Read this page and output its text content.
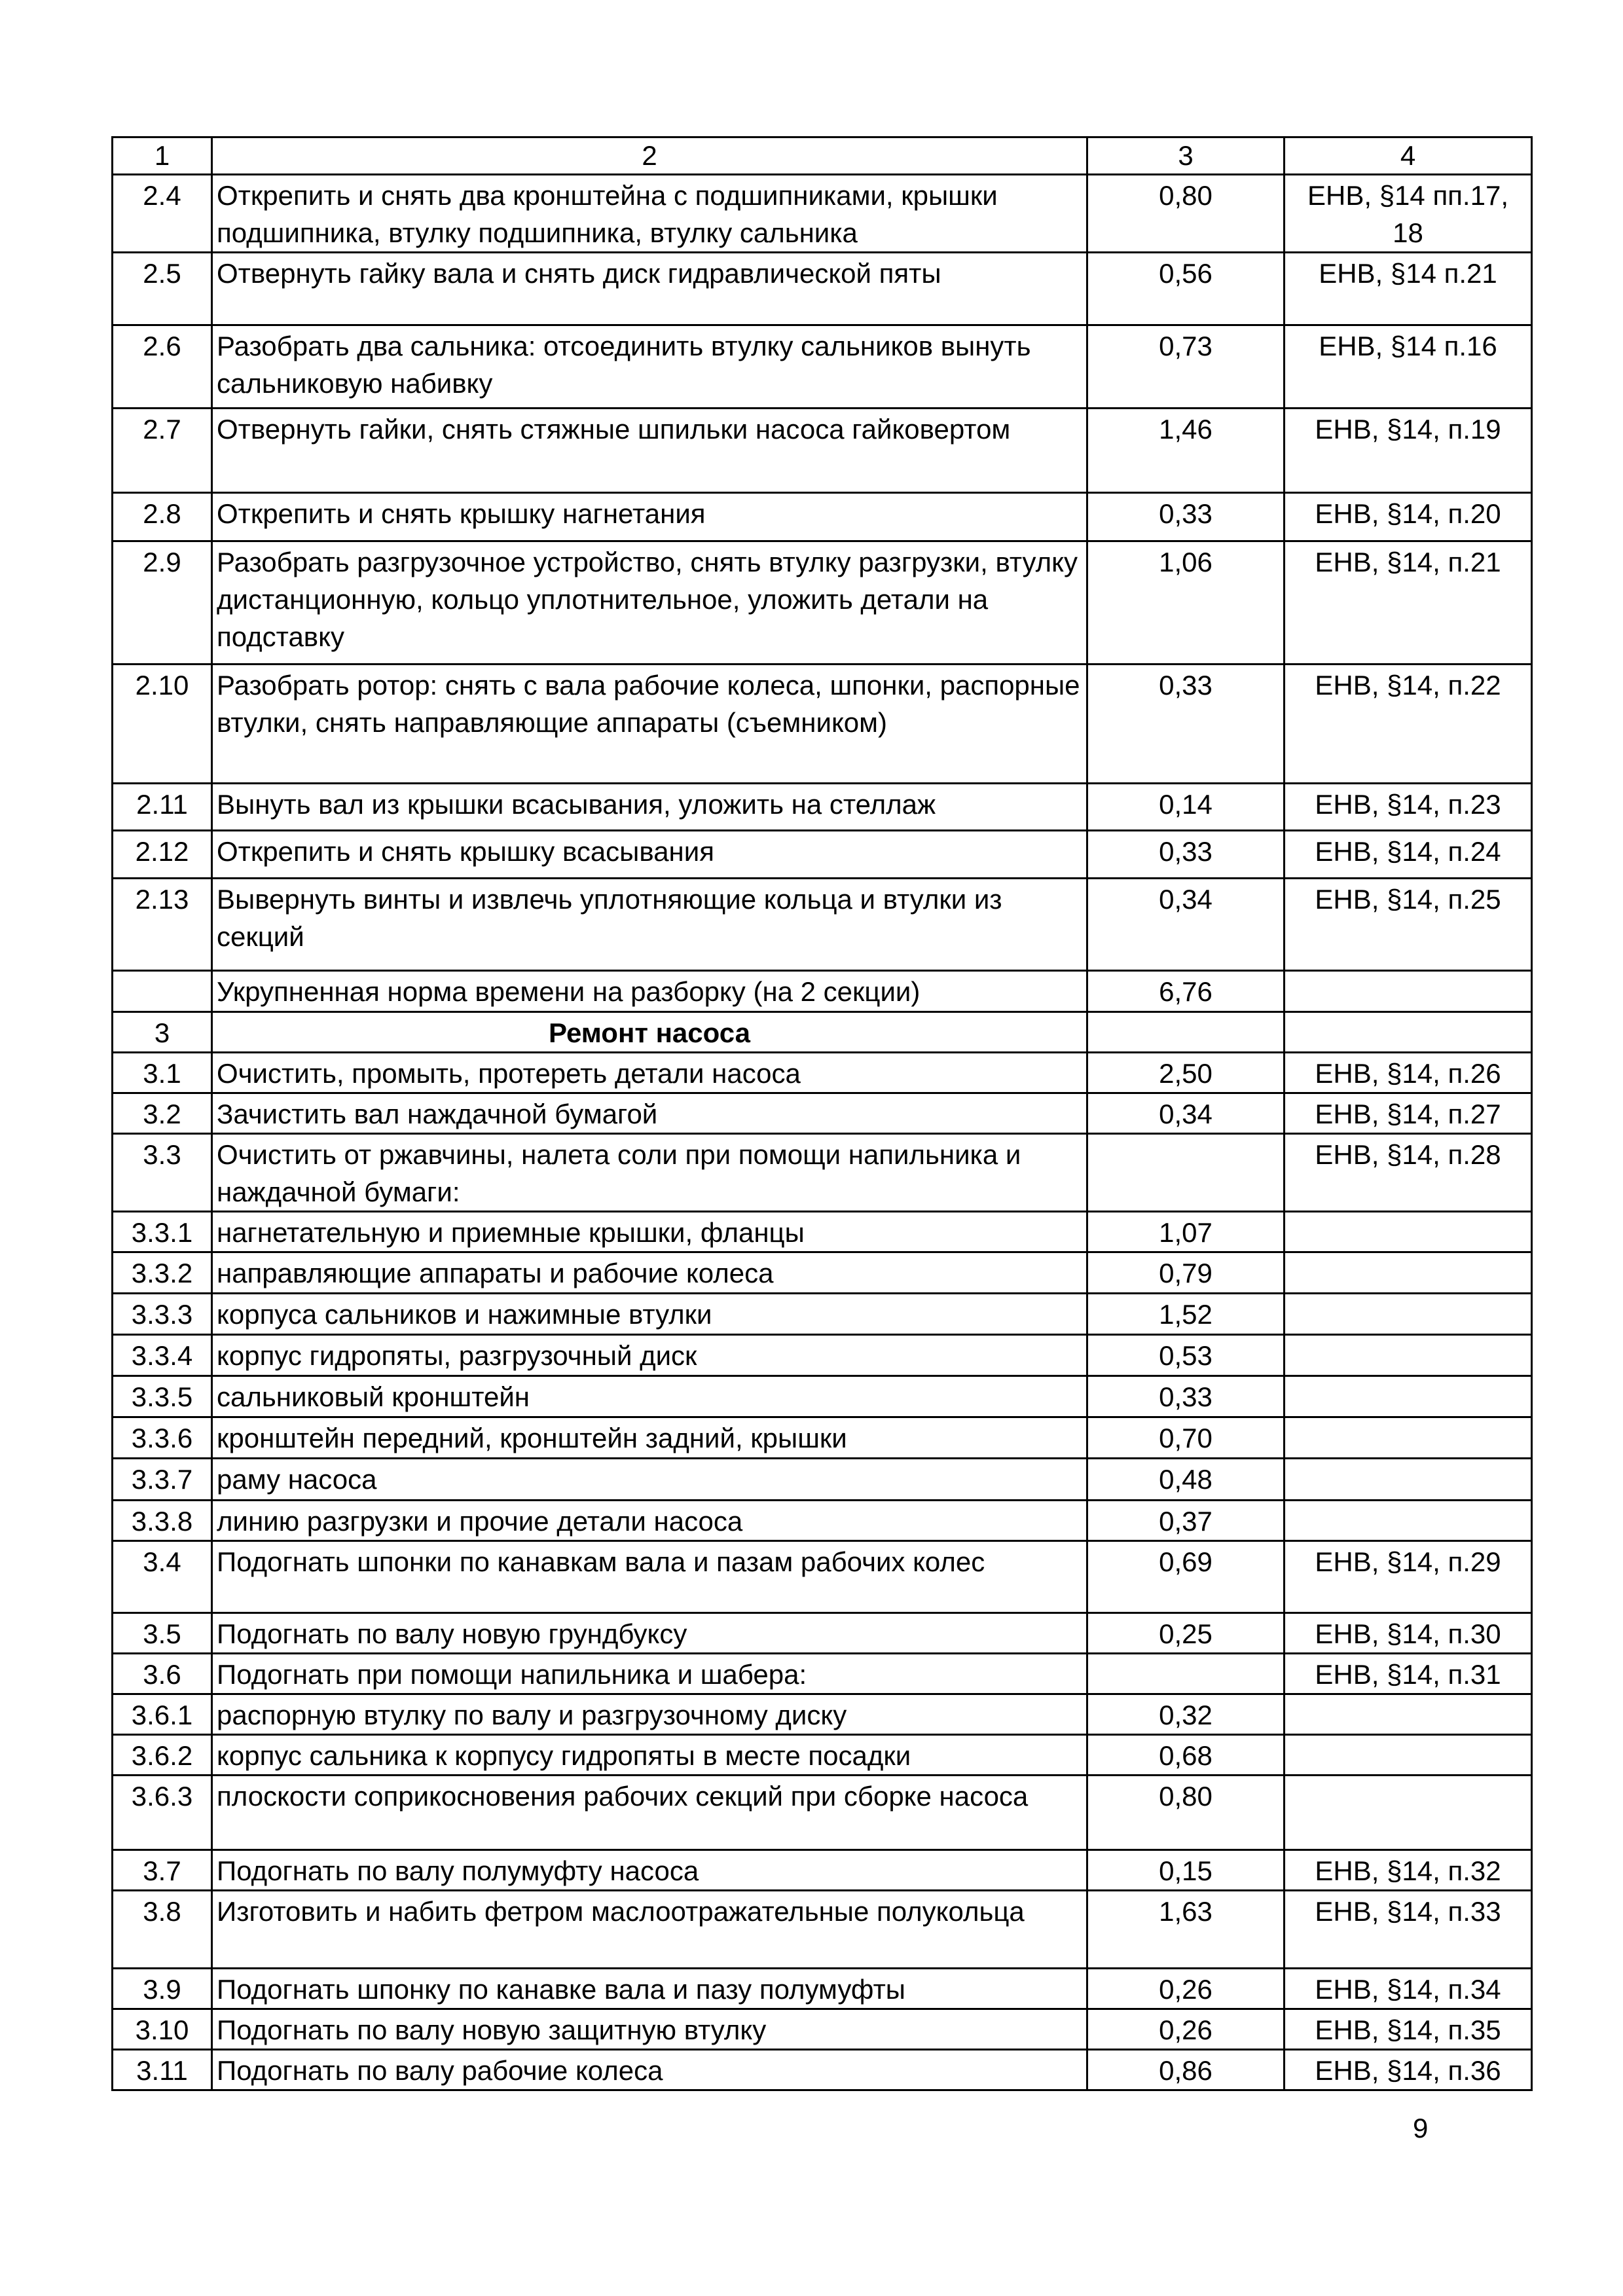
1	2	3	4
2.4	Открепить и снять два кронштейна с подшипниками, крышки подшипника, втулку подшипника, втулку сальника	0,80	ЕНВ, §14 пп.17, 18
2.5	Отвернуть гайку вала и снять диск гидравлической пяты	0,56	ЕНВ, §14 п.21
2.6	Разобрать два сальника: отсоединить втулку сальников вынуть сальниковую набивку	0,73	ЕНВ, §14 п.16
2.7	Отвернуть гайки, снять стяжные шпильки насоса гайковертом	1,46	ЕНВ, §14, п.19
2.8	Открепить и снять крышку нагнетания	0,33	ЕНВ, §14, п.20
2.9	Разобрать разгрузочное устройство, снять втулку разгрузки, втулку дистанционную, кольцо уплотнительное, уложить детали на подставку	1,06	ЕНВ, §14, п.21
2.10	Разобрать ротор: снять с вала рабочие колеса, шпонки, распорные втулки, снять направляющие аппараты (съемником)	0,33	ЕНВ, §14, п.22
2.11	Вынуть вал из крышки всасывания, уложить на стеллаж	0,14	ЕНВ, §14, п.23
2.12	Открепить и снять крышку всасывания	0,33	ЕНВ, §14, п.24
2.13	Вывернуть винты и извлечь уплотняющие кольца и втулки из секций	0,34	ЕНВ, §14, п.25
	Укрупненная норма времени на разборку (на 2 секции)	6,76	
3	Ремонт насоса		
3.1	Очистить, промыть, протереть детали насоса	2,50	ЕНВ, §14, п.26
3.2	Зачистить вал наждачной бумагой	0,34	ЕНВ, §14, п.27
3.3	Очистить от ржавчины, налета соли при помощи напильника и наждачной бумаги:		ЕНВ, §14, п.28
3.3.1	нагнетательную и приемные крышки, фланцы	1,07	
3.3.2	направляющие аппараты и рабочие колеса	0,79	
3.3.3	корпуса сальников и нажимные втулки	1,52	
3.3.4	корпус гидропяты, разгрузочный диск	0,53	
3.3.5	сальниковый кронштейн	0,33	
3.3.6	кронштейн передний, кронштейн задний, крышки	0,70	
3.3.7	раму насоса	0,48	
3.3.8	линию разгрузки и прочие детали насоса	0,37	
3.4	Подогнать шпонки по канавкам вала и пазам рабочих колес	0,69	ЕНВ, §14, п.29
3.5	Подогнать по валу новую грундбуксу	0,25	ЕНВ, §14, п.30
3.6	Подогнать при помощи напильника и шабера:		ЕНВ, §14, п.31
3.6.1	распорную втулку по валу и разгрузочному диску	0,32	
3.6.2	корпус сальника к корпусу гидропяты в месте посадки	0,68	
3.6.3	плоскости соприкосновения рабочих секций при сборке насоса	0,80	
3.7	Подогнать по валу полумуфту насоса	0,15	ЕНВ, §14, п.32
3.8	Изготовить и набить фетром маслоотражательные полукольца	1,63	ЕНВ, §14, п.33
3.9	Подогнать шпонку по канавке вала и пазу полумуфты	0,26	ЕНВ, §14, п.34
3.10	Подогнать по валу новую защитную втулку	0,26	ЕНВ, §14, п.35
3.11	Подогнать по валу рабочие колеса	0,86	ЕНВ, §14, п.36
9
